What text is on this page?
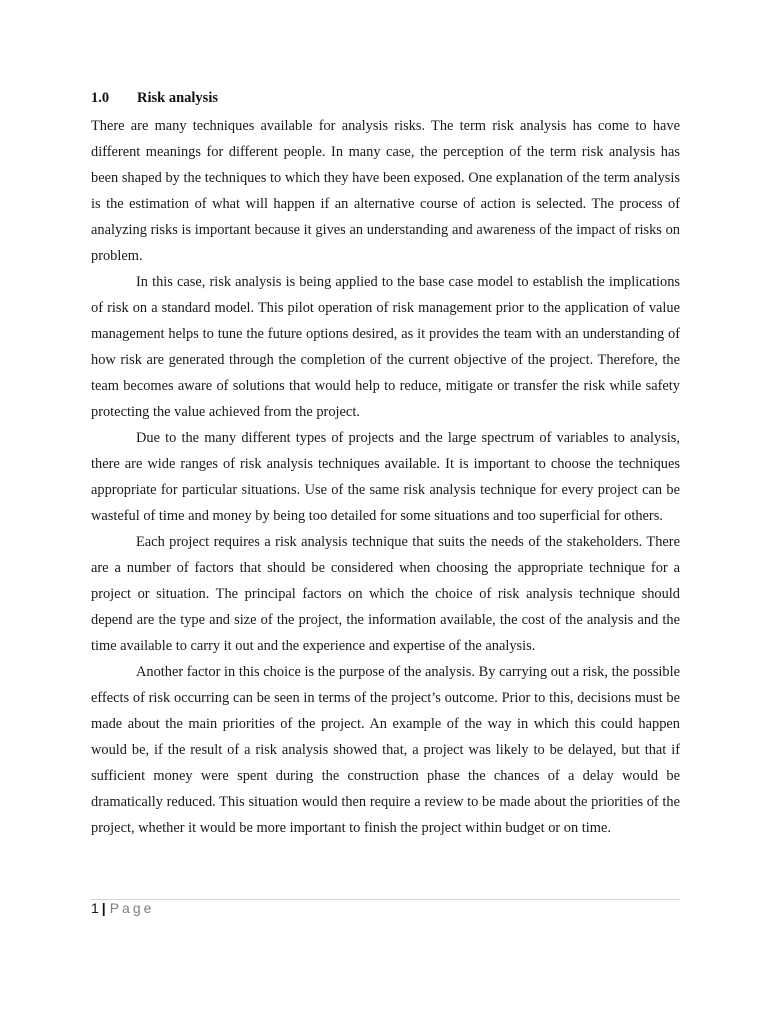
1.0 Risk analysis

There are many techniques available for analysis risks. The term risk analysis has come to have different meanings for different people. In many case, the perception of the term risk analysis has been shaped by the techniques to which they have been exposed. One explanation of the term analysis is the estimation of what will happen if an alternative course of action is selected. The process of analyzing risks is important because it gives an understanding and awareness of the impact of risks on problem.

In this case, risk analysis is being applied to the base case model to establish the implications of risk on a standard model. This pilot operation of risk management prior to the application of value management helps to tune the future options desired, as it provides the team with an understanding of how risk are generated through the completion of the current objective of the project. Therefore, the team becomes aware of solutions that would help to reduce, mitigate or transfer the risk while safety protecting the value achieved from the project.

Due to the many different types of projects and the large spectrum of variables to analysis, there are wide ranges of risk analysis techniques available. It is important to choose the techniques appropriate for particular situations. Use of the same risk analysis technique for every project can be wasteful of time and money by being too detailed for some situations and too superficial for others.

Each project requires a risk analysis technique that suits the needs of the stakeholders. There are a number of factors that should be considered when choosing the appropriate technique for a project or situation. The principal factors on which the choice of risk analysis technique should depend are the type and size of the project, the information available, the cost of the analysis and the time available to carry it out and the experience and expertise of the analysis.

Another factor in this choice is the purpose of the analysis. By carrying out a risk, the possible effects of risk occurring can be seen in terms of the project’s outcome. Prior to this, decisions must be made about the main priorities of the project. An example of the way in which this could happen would be, if the result of a risk analysis showed that, a project was likely to be delayed, but that if sufficient money were spent during the construction phase the chances of a delay would be dramatically reduced. This situation would then require a review to be made about the priorities of the project, whether it would be more important to finish the project within budget or on time.

1 | Page
